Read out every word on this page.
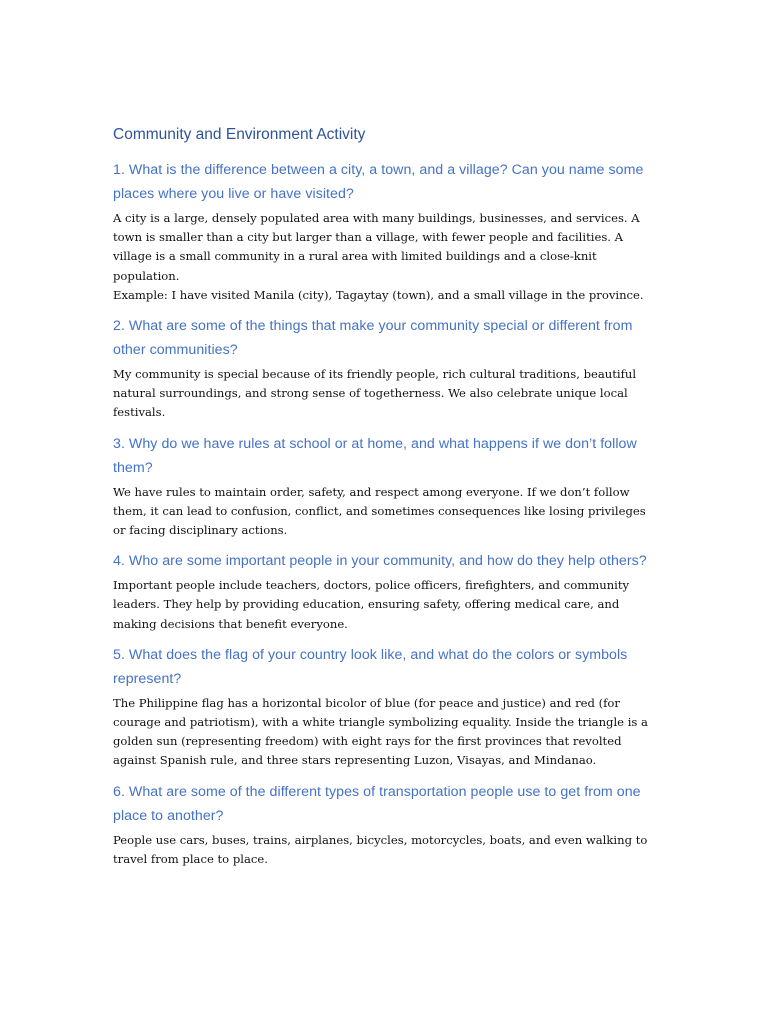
Community and Environment Activity
1. What is the difference between a city, a town, and a village? Can you name some places where you live or have visited?

A city is a large, densely populated area with many buildings, businesses, and services. A town is smaller than a city but larger than a village, with fewer people and facilities. A village is a small community in a rural area with limited buildings and a close-knit population.

Example: I have visited Manila (city), Tagaytay (town), and a small village in the province.

2. What are some of the things that make your community special or different from other communities?

My community is special because of its friendly people, rich cultural traditions, beautiful natural surroundings, and strong sense of togetherness. We also celebrate unique local festivals.

3. Why do we have rules at school or at home, and what happens if we don’t follow them?

We have rules to maintain order, safety, and respect among everyone. If we don’t follow them, it can lead to confusion, conflict, and sometimes consequences like losing privileges or facing disciplinary actions.

4. Who are some important people in your community, and how do they help others?

Important people include teachers, doctors, police officers, firefighters, and community leaders. They help by providing education, ensuring safety, offering medical care, and making decisions that benefit everyone.

5. What does the flag of your country look like, and what do the colors or symbols represent?

The Philippine flag has a horizontal bicolor of blue (for peace and justice) and red (for courage and patriotism), with a white triangle symbolizing equality. Inside the triangle is a golden sun (representing freedom) with eight rays for the first provinces that revolted against Spanish rule, and three stars representing Luzon, Visayas, and Mindanao.

6. What are some of the different types of transportation people use to get from one place to another?

People use cars, buses, trains, airplanes, bicycles, motorcycles, boats, and even walking to travel from place to place.
